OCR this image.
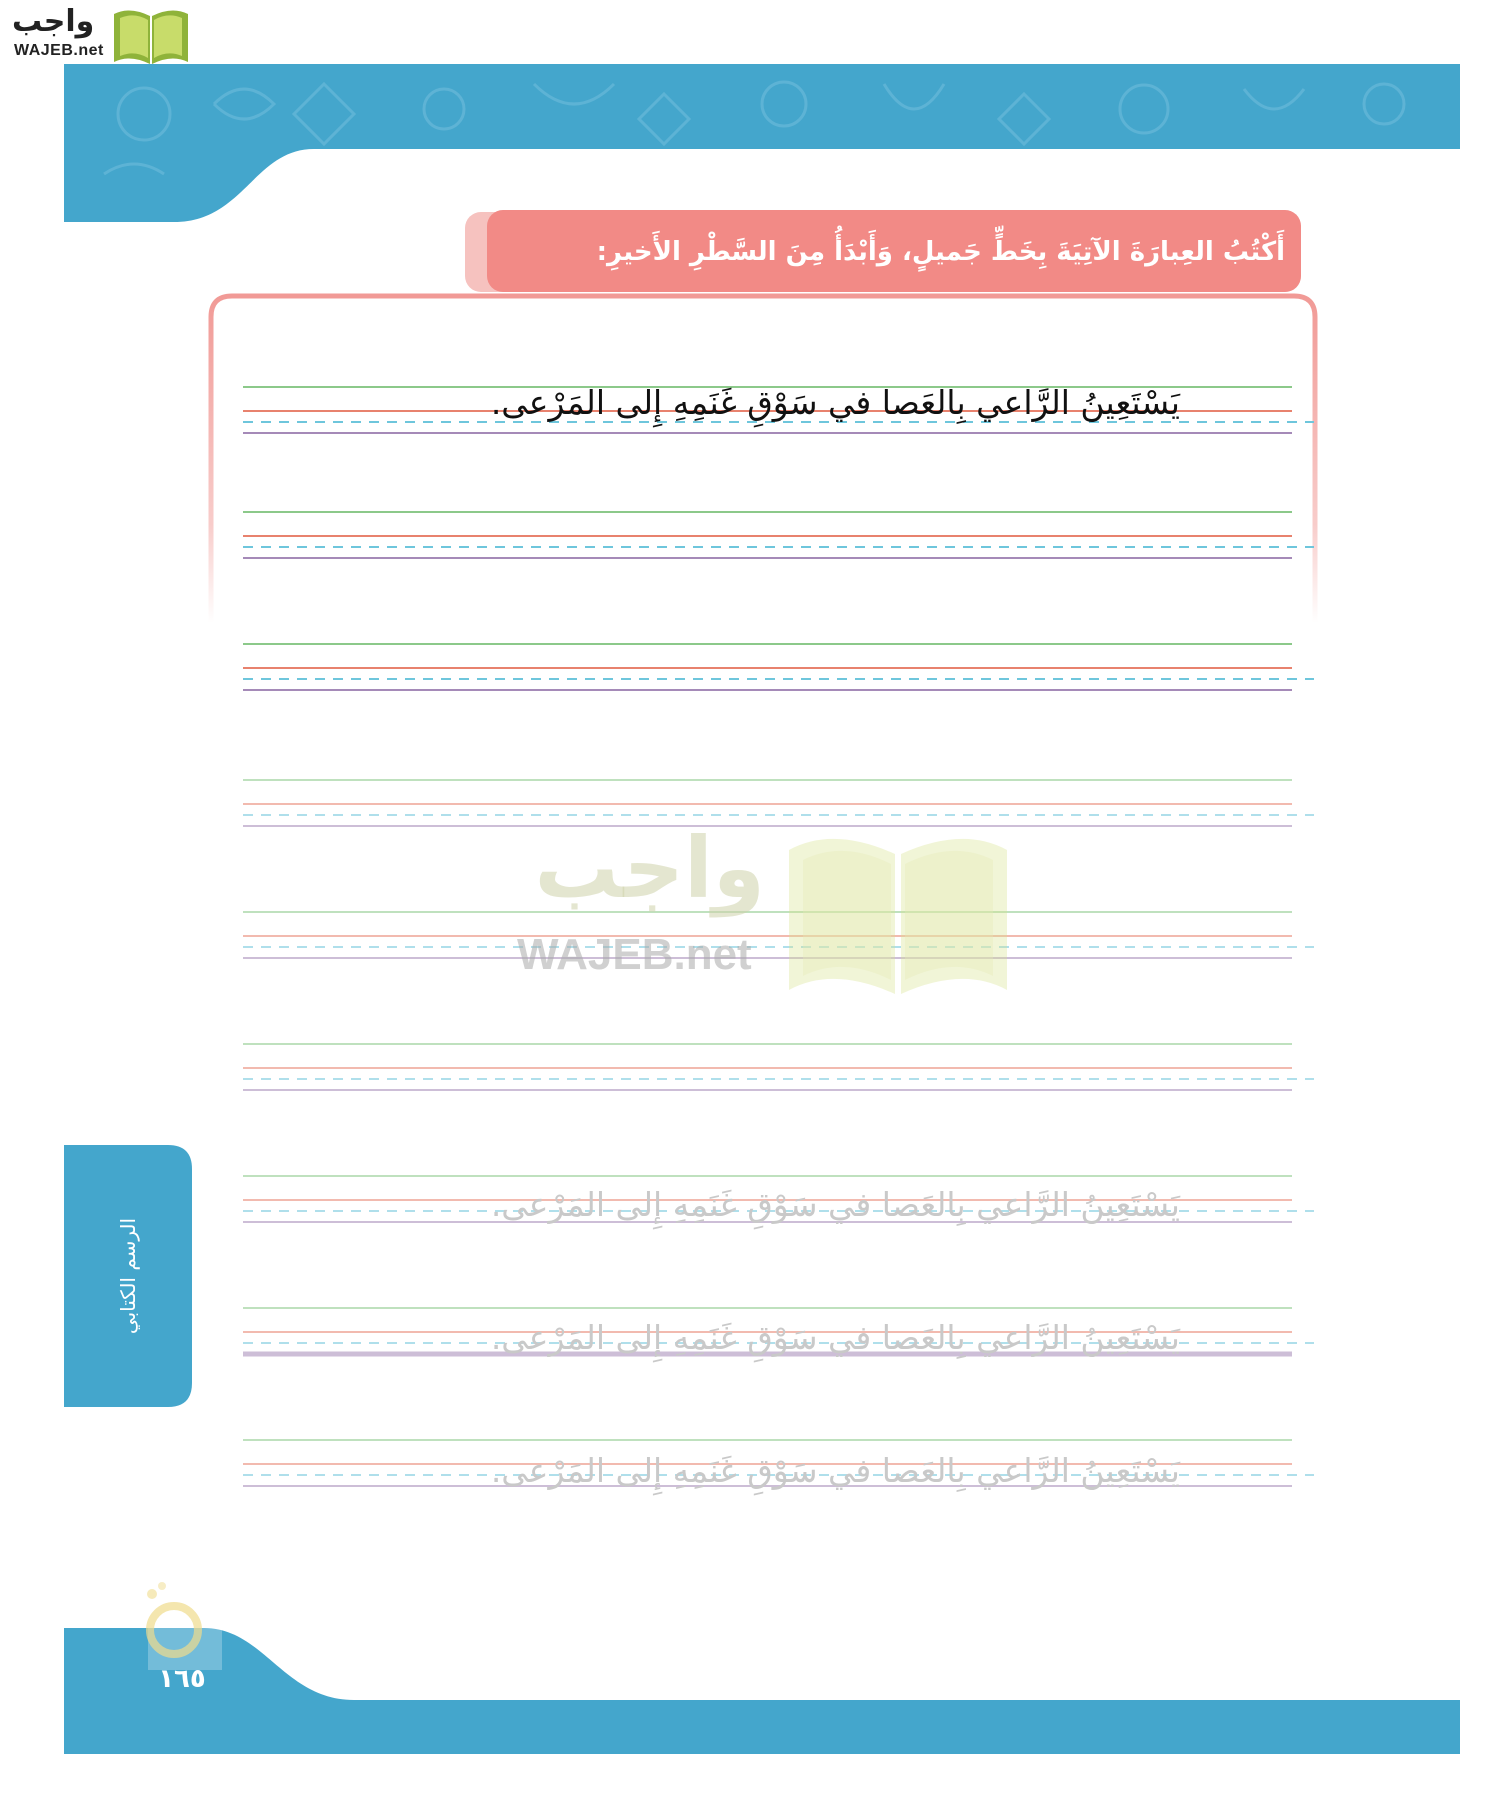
واجب
WAJEB.net
أَكْتُبُ العِبارَةَ الآتِيَةَ بِخَطٍّ جَميلٍ، وَأَبْدَأُ مِنَ السَّطْرِ الأَخيرِ:
واجب
WAJEB.net
يَسْتَعِينُ الرَّاعي بِالعَصا في سَوْقِ غَنَمِهِ إِلى المَرْعى.
يَسْتَعِينُ الرَّاعي بِالعَصا في سَوْقِ غَنَمِهِ إِلى المَرْعى.
يَسْتَعِينُ الرَّاعي بِالعَصا في سَوْقِ غَنَمِهِ إِلى المَرْعى.
يَسْتَعِينُ الرَّاعي بِالعَصا في سَوْقِ غَنَمِهِ إِلى المَرْعى.
الرسم الكتابي
١٦٥
